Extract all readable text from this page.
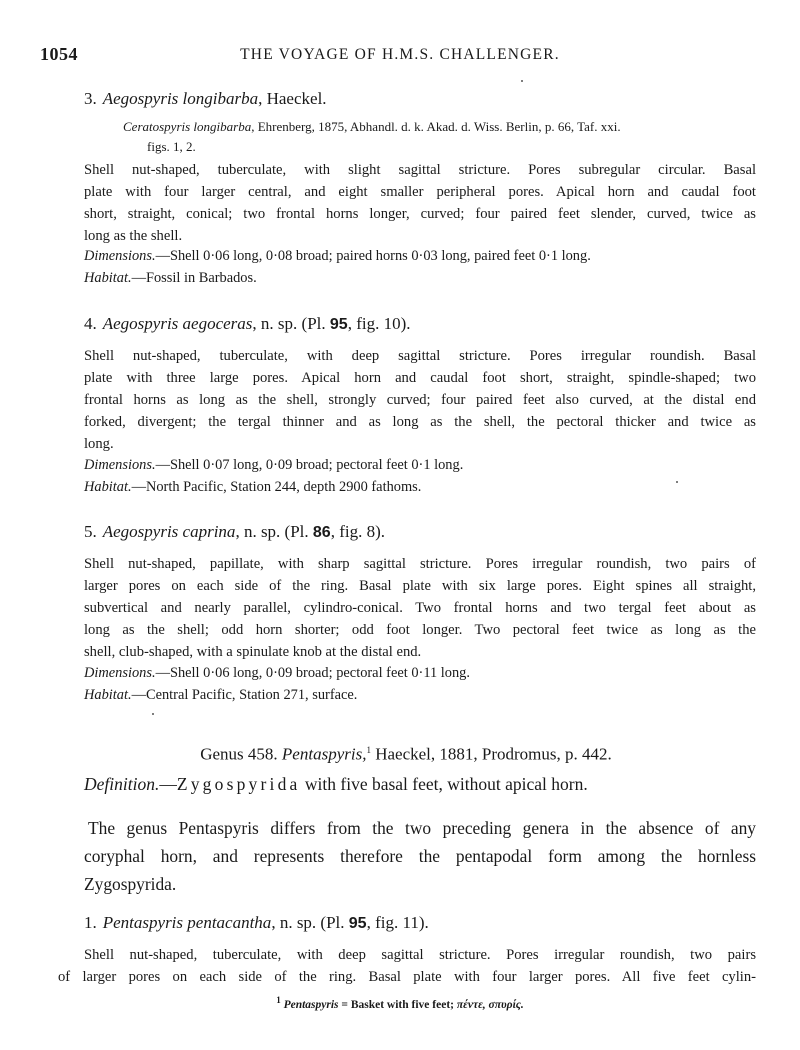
1054	THE VOYAGE OF H.M.S. CHALLENGER.
3. Aegospyris longibarba, Haeckel.
Ceratospyris longibarba, Ehrenberg, 1875, Abhandl. d. k. Akad. d. Wiss. Berlin, p. 66, Taf. xxi.
figs. 1, 2.
Shell nut-shaped, tuberculate, with slight sagittal stricture. Pores subregular circular. Basal
plate with four larger central, and eight smaller peripheral pores. Apical horn and caudal foot
short, straight, conical; two frontal horns longer, curved; four paired feet slender, curved, twice as
long as the shell.
Dimensions.—Shell 0·06 long, 0·08 broad; paired horns 0·03 long, paired feet 0·1 long.
Habitat.—Fossil in Barbados.
4. Aegospyris aegoceras, n. sp. (Pl. 95, fig. 10).
Shell nut-shaped, tuberculate, with deep sagittal stricture. Pores irregular roundish. Basal
plate with three large pores. Apical horn and caudal foot short, straight, spindle-shaped; two
frontal horns as long as the shell, strongly curved; four paired feet also curved, at the distal end
forked, divergent; the tergal thinner and as long as the shell, the pectoral thicker and twice as
long.
Dimensions.—Shell 0·07 long, 0·09 broad; pectoral feet 0·1 long.
Habitat.—North Pacific, Station 244, depth 2900 fathoms.
5. Aegospyris caprina, n. sp. (Pl. 86, fig. 8).
Shell nut-shaped, papillate, with sharp sagittal stricture. Pores irregular roundish, two pairs of
larger pores on each side of the ring. Basal plate with six large pores. Eight spines all straight,
subvertical and nearly parallel, cylindro-conical. Two frontal horns and two tergal feet about as
long as the shell; odd horn shorter; odd foot longer. Two pectoral feet twice as long as the
shell, club-shaped, with a spinulate knob at the distal end.
Dimensions.—Shell 0·06 long, 0·09 broad; pectoral feet 0·11 long.
Habitat.—Central Pacific, Station 271, surface.
Genus 458. Pentaspyris,$^1$ Haeckel, 1881, Prodromus, p. 442.
Definition.—Zygospyrida with five basal feet, without apical horn.
The genus Pentaspyris differs from the two preceding genera in the absence of any
coryphal horn, and represents therefore the pentapodal form among the hornless
Zygospyrida.
1. Pentaspyris pentacantha, n. sp. (Pl. 95, fig. 11).
Shell nut-shaped, tuberculate, with deep sagittal stricture. Pores irregular roundish, two pairs
of larger pores on each side of the ring. Basal plate with four larger pores. All five feet cylin-
$^1$ Pentaspyris = Basket with five feet; πέντε, σπυρίς.
